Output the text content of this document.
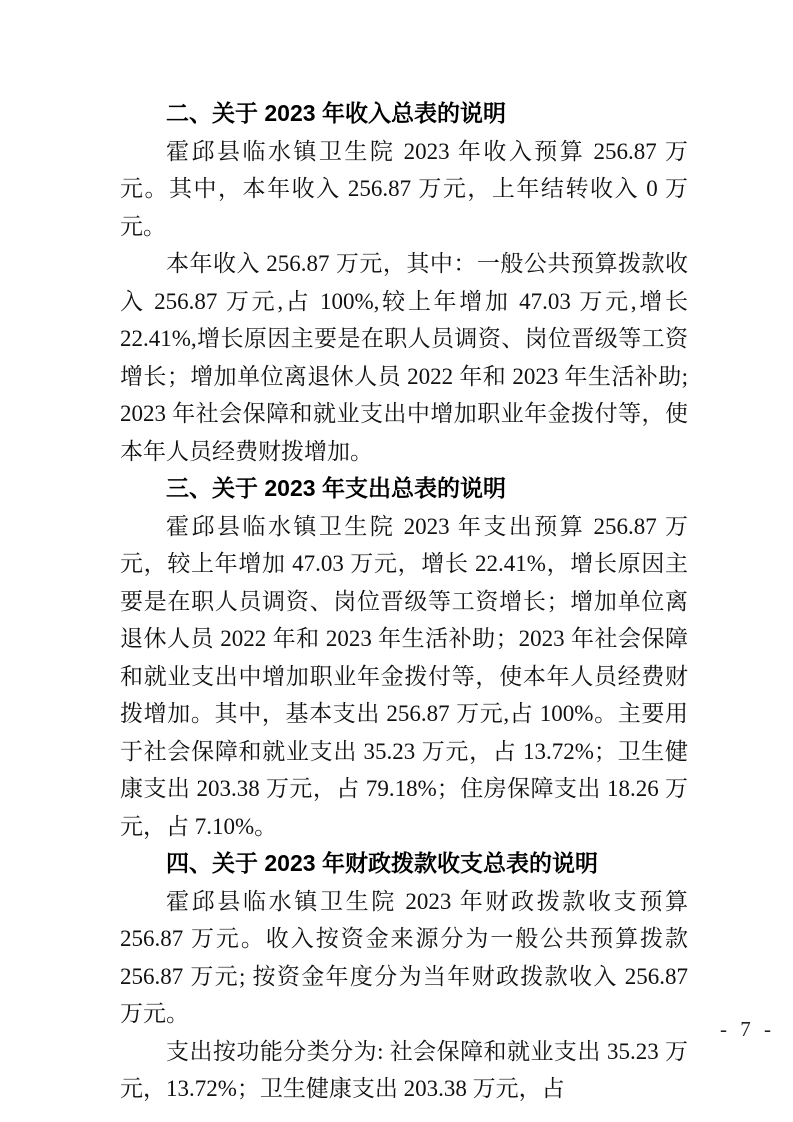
二、关于 2023 年收入总表的说明

霍邱县临水镇卫生院 2023 年收入预算 256.87 万元。其中，本年收入 256.87 万元，上年结转收入 0 万元。

本年收入 256.87 万元，其中：一般公共预算拨款收入 256.87 万元,占 100%,较上年增加 47.03 万元,增长 22.41%,增长原因主要是在职人员调资、岗位晋级等工资增长；增加单位离退休人员 2022 年和 2023 年生活补助; 2023 年社会保障和就业支出中增加职业年金拨付等，使本年人员经费财拨增加。

三、关于 2023 年支出总表的说明

霍邱县临水镇卫生院 2023 年支出预算 256.87 万元，较上年增加 47.03 万元，增长 22.41%，增长原因主要是在职人员调资、岗位晋级等工资增长；增加单位离退休人员 2022 年和 2023 年生活补助；2023 年社会保障和就业支出中增加职业年金拨付等，使本年人员经费财拨增加。其中，基本支出 256.87 万元,占 100%。主要用于社会保障和就业支出 35.23 万元，占 13.72%；卫生健康支出 203.38 万元，占 79.18%；住房保障支出 18.26 万元，占 7.10%。

四、关于 2023 年财政拨款收支总表的说明

霍邱县临水镇卫生院 2023 年财政拨款收支预算 256.87 万元。收入按资金来源分为一般公共预算拨款 256.87 万元; 按资金年度分为当年财政拨款收入 256.87 万元。

支出按功能分类分为: 社会保障和就业支出 35.23 万元，13.72%；卫生健康支出 203.38 万元，占

- 7 -
